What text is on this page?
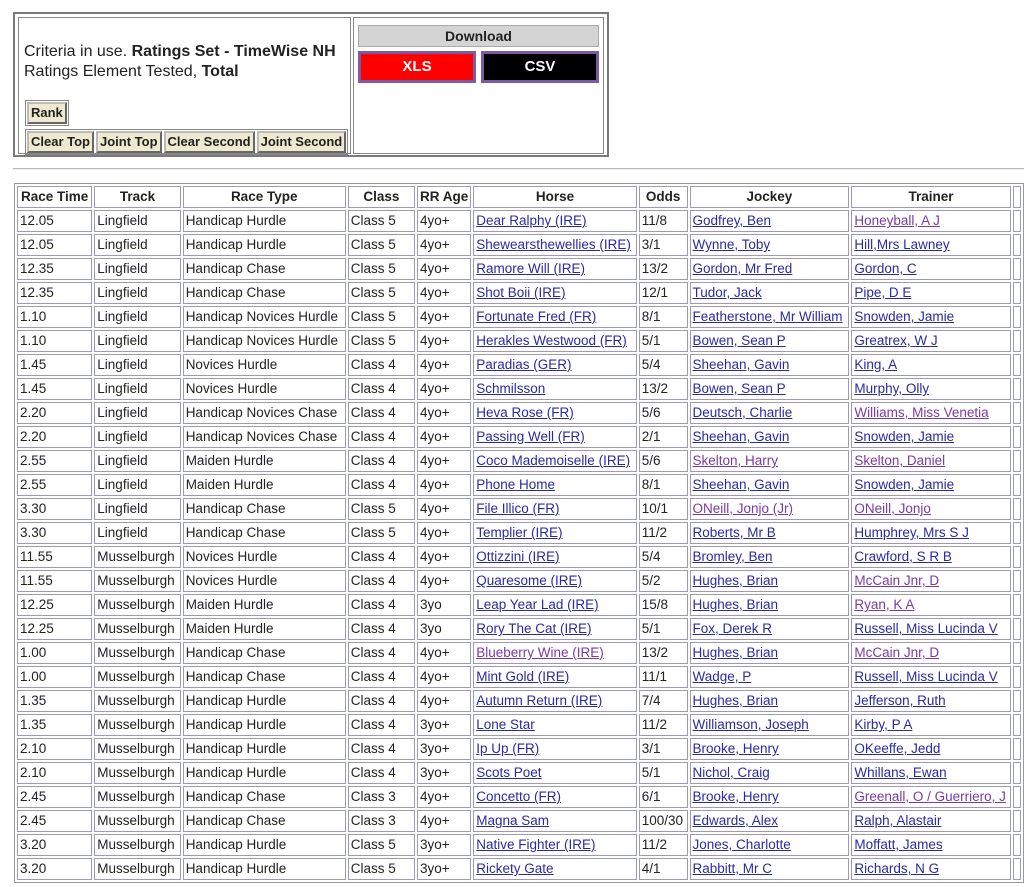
Criteria in use. Ratings Set - TimeWise NH
Ratings Element Tested, Total
Rank
Clear Top Joint Top Clear Second Joint Second
Download
XLS	CSV
Race Time	Track	Race Type	Class	RR Age	Horse	Odds	Jockey	Trainer	
12.05	Lingfield	Handicap Hurdle	Class 5	4yo+	Dear Ralphy (IRE)	11/8	Godfrey, Ben	Honeyball, A J	
12.05	Lingfield	Handicap Hurdle	Class 5	4yo+	Shewearsthewellies (IRE)	3/1	Wynne, Toby	Hill,Mrs Lawney	
12.35	Lingfield	Handicap Chase	Class 5	4yo+	Ramore Will (IRE)	13/2	Gordon, Mr Fred	Gordon, C	
12.35	Lingfield	Handicap Chase	Class 5	4yo+	Shot Boii (IRE)	12/1	Tudor, Jack	Pipe, D E	
1.10	Lingfield	Handicap Novices Hurdle	Class 5	4yo+	Fortunate Fred (FR)	8/1	Featherstone, Mr William	Snowden, Jamie	
1.10	Lingfield	Handicap Novices Hurdle	Class 5	4yo+	Herakles Westwood (FR)	5/1	Bowen, Sean P	Greatrex, W J	
1.45	Lingfield	Novices Hurdle	Class 4	4yo+	Paradias (GER)	5/4	Sheehan, Gavin	King, A	
1.45	Lingfield	Novices Hurdle	Class 4	4yo+	Schmilsson	13/2	Bowen, Sean P	Murphy, Olly	
2.20	Lingfield	Handicap Novices Chase	Class 4	4yo+	Heva Rose (FR)	5/6	Deutsch, Charlie	Williams, Miss Venetia	
2.20	Lingfield	Handicap Novices Chase	Class 4	4yo+	Passing Well (FR)	2/1	Sheehan, Gavin	Snowden, Jamie	
2.55	Lingfield	Maiden Hurdle	Class 4	4yo+	Coco Mademoiselle (IRE)	5/6	Skelton, Harry	Skelton, Daniel	
2.55	Lingfield	Maiden Hurdle	Class 4	4yo+	Phone Home	8/1	Sheehan, Gavin	Snowden, Jamie	
3.30	Lingfield	Handicap Chase	Class 5	4yo+	File Illico (FR)	10/1	ONeill, Jonjo (Jr)	ONeill, Jonjo	
3.30	Lingfield	Handicap Chase	Class 5	4yo+	Templier (IRE)	11/2	Roberts, Mr B	Humphrey, Mrs S J	
11.55	Musselburgh	Novices Hurdle	Class 4	4yo+	Ottizzini (IRE)	5/4	Bromley, Ben	Crawford, S R B	
11.55	Musselburgh	Novices Hurdle	Class 4	4yo+	Quaresome (IRE)	5/2	Hughes, Brian	McCain Jnr, D	
12.25	Musselburgh	Maiden Hurdle	Class 4	3yo	Leap Year Lad (IRE)	15/8	Hughes, Brian	Ryan, K A	
12.25	Musselburgh	Maiden Hurdle	Class 4	3yo	Rory The Cat (IRE)	5/1	Fox, Derek R	Russell, Miss Lucinda V	
1.00	Musselburgh	Handicap Chase	Class 4	4yo+	Blueberry Wine (IRE)	13/2	Hughes, Brian	McCain Jnr, D	
1.00	Musselburgh	Handicap Chase	Class 4	4yo+	Mint Gold (IRE)	11/1	Wadge, P	Russell, Miss Lucinda V	
1.35	Musselburgh	Handicap Hurdle	Class 4	4yo+	Autumn Return (IRE)	7/4	Hughes, Brian	Jefferson, Ruth	
1.35	Musselburgh	Handicap Hurdle	Class 4	3yo+	Lone Star	11/2	Williamson, Joseph	Kirby, P A	
2.10	Musselburgh	Handicap Hurdle	Class 4	3yo+	Ip Up (FR)	3/1	Brooke, Henry	OKeeffe, Jedd	
2.10	Musselburgh	Handicap Hurdle	Class 4	3yo+	Scots Poet	5/1	Nichol, Craig	Whillans, Ewan	
2.45	Musselburgh	Handicap Chase	Class 3	4yo+	Concetto (FR)	6/1	Brooke, Henry	Greenall, O / Guerriero, J	
2.45	Musselburgh	Handicap Chase	Class 3	4yo+	Magna Sam	100/30	Edwards, Alex	Ralph, Alastair	
3.20	Musselburgh	Handicap Hurdle	Class 5	3yo+	Native Fighter (IRE)	11/2	Jones, Charlotte	Moffatt, James	
3.20	Musselburgh	Handicap Hurdle	Class 5	3yo+	Rickety Gate	4/1	Rabbitt, Mr C	Richards, N G	
